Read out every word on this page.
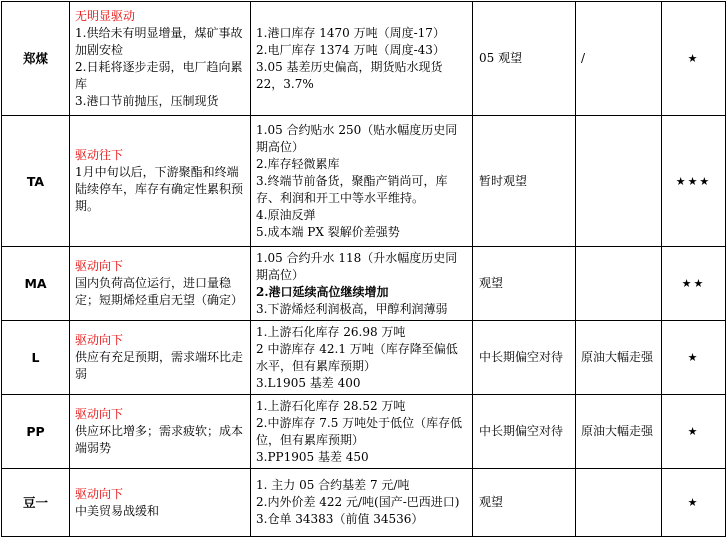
郑煤	无明显驱动
1.供给未有明显增量，煤矿事故加剧安检
2.日耗将逐步走弱，电厂趋向累库
3.港口节前抛压，压制现货	1.港口库存 1470 万吨（周度-17）
2.电厂库存 1374 万吨（周度-43）
3.05 基差历史偏高，期货贴水现货 22，3.7%	05 观望	/	★
TA	驱动往下
1月中旬以后，下游聚酯和终端陆续停车，库存有确定性累积预期。	1.05 合约贴水 250（贴水幅度历史同期高位）
2.库存轻微累库
3.终端节前备货，聚酯产销尚可，库存、利润和开工中等水平维持。
4.原油反弹
5.成本端 PX 裂解价差强势	暂时观望		★★★
MA	驱动向下
国内负荷高位运行，进口量稳定；短期烯烃重启无望（确定）	1.05 合约升水 118（升水幅度历史同期高位）
2.港口延续高位继续增加
3.下游烯烃利润极高，甲醇利润薄弱	观望		★★
L	驱动向下
供应有充足预期，需求端环比走弱	1.上游石化库存 26.98 万吨
2 中游库存 42.1 万吨（库存降至偏低水平，但有累库预期）
3.L1905 基差 400	中长期偏空对待	原油大幅走强	★
PP	驱动向下
供应环比增多；需求疲软；成本端弱势	1.上游石化库存 28.52 万吨
2.中游库存 7.5 万吨处于低位（库存低位，但有累库预期）
3.PP1905 基差 450	中长期偏空对待	原油大幅走强	★
豆一	驱动向下
中美贸易战缓和	1. 主力 05 合约基差 7 元/吨
2.内外价差 422 元/吨(国产-巴西进口)
3.仓单 34383（前值 34536）	观望		★
